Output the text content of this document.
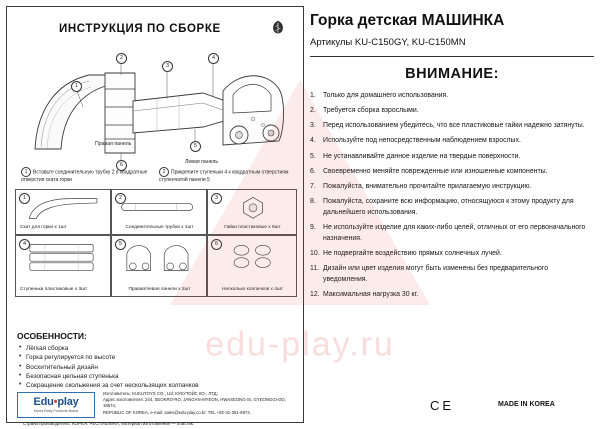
ИНСТРУКЦИЯ ПО СБОРКЕ
1
2
3
4
5
6
Правая панель
Левая панель
1 Вставьте соединительную трубку 2 в квадратные отверстия ската горки
2 Прикрепите ступеньки 4 к квадратным отверстиям ступенчатой панели 5
1
Скат для горки x 1шт
2
Соединительные трубки x 1шт
3
Гайки пластиковые x 8шт
4
Ступеньки пластиковые x 3шт
5
Правая/левая панели x 2шт
6
Несколько колпачков x 4шт
ОСОБЕННОСТИ:
• Лёгкая сборка
• Горка регулируется по высоте
• Восхитительный дизайн
• Безопасная цельная ступенька
• Сокращение скольжения за счет нескользящих колпачков
Edu•play
Korea Baby Products Brand
Изготовитель: KUKUTOYS CO., Ltd; КУКУТОЙС КО., ЛТД;
Адрес изготовителя: 244, SEOKRO-RO, JANGAN-MYEON, HWASEONG-SI, GYEONGGI-DO, 18574,
REPUBLIC OF KOREA, e-mail: sales@edu-play.co.kr; TEL +82-31-351-9974.
Страна производитель: КОРЕЯ, РЕСПУБЛИКА, Материал изготовления — пластик.
CE	MADE IN KOREA
Горка детская МАШИНКА
Артикулы KU-C150GY, KU-C150MN
ВНИМАНИЕ:
1. Только для домашнего использования.
2. Требуется сборка взрослыми.
3. Перед использованием убедитесь, что все пластиковые гайки надежно затянуты.
4. Используйте под непосредственным наблюдением взрослых.
5. Не устанавливайте данное изделие на твердые поверхности.
6. Своевременно меняйте поврежденные или изношенные компоненты.
7. Пожалуйста, внимательно прочитайте прилагаемую инструкцию.
8. Пожалуйста, сохраните всю информацию, относящуюся к этому продукту для дальнейшего использования.
9. Не используйте изделие для каких-либо целей, отличных от его первоначального назначения.
10. Не подвергайте воздействию прямых солнечных лучей.
11. Дизайн или цвет изделия могут быть изменены без предварительного уведомления.
12. Максимальная нагрузка 30 кг.
